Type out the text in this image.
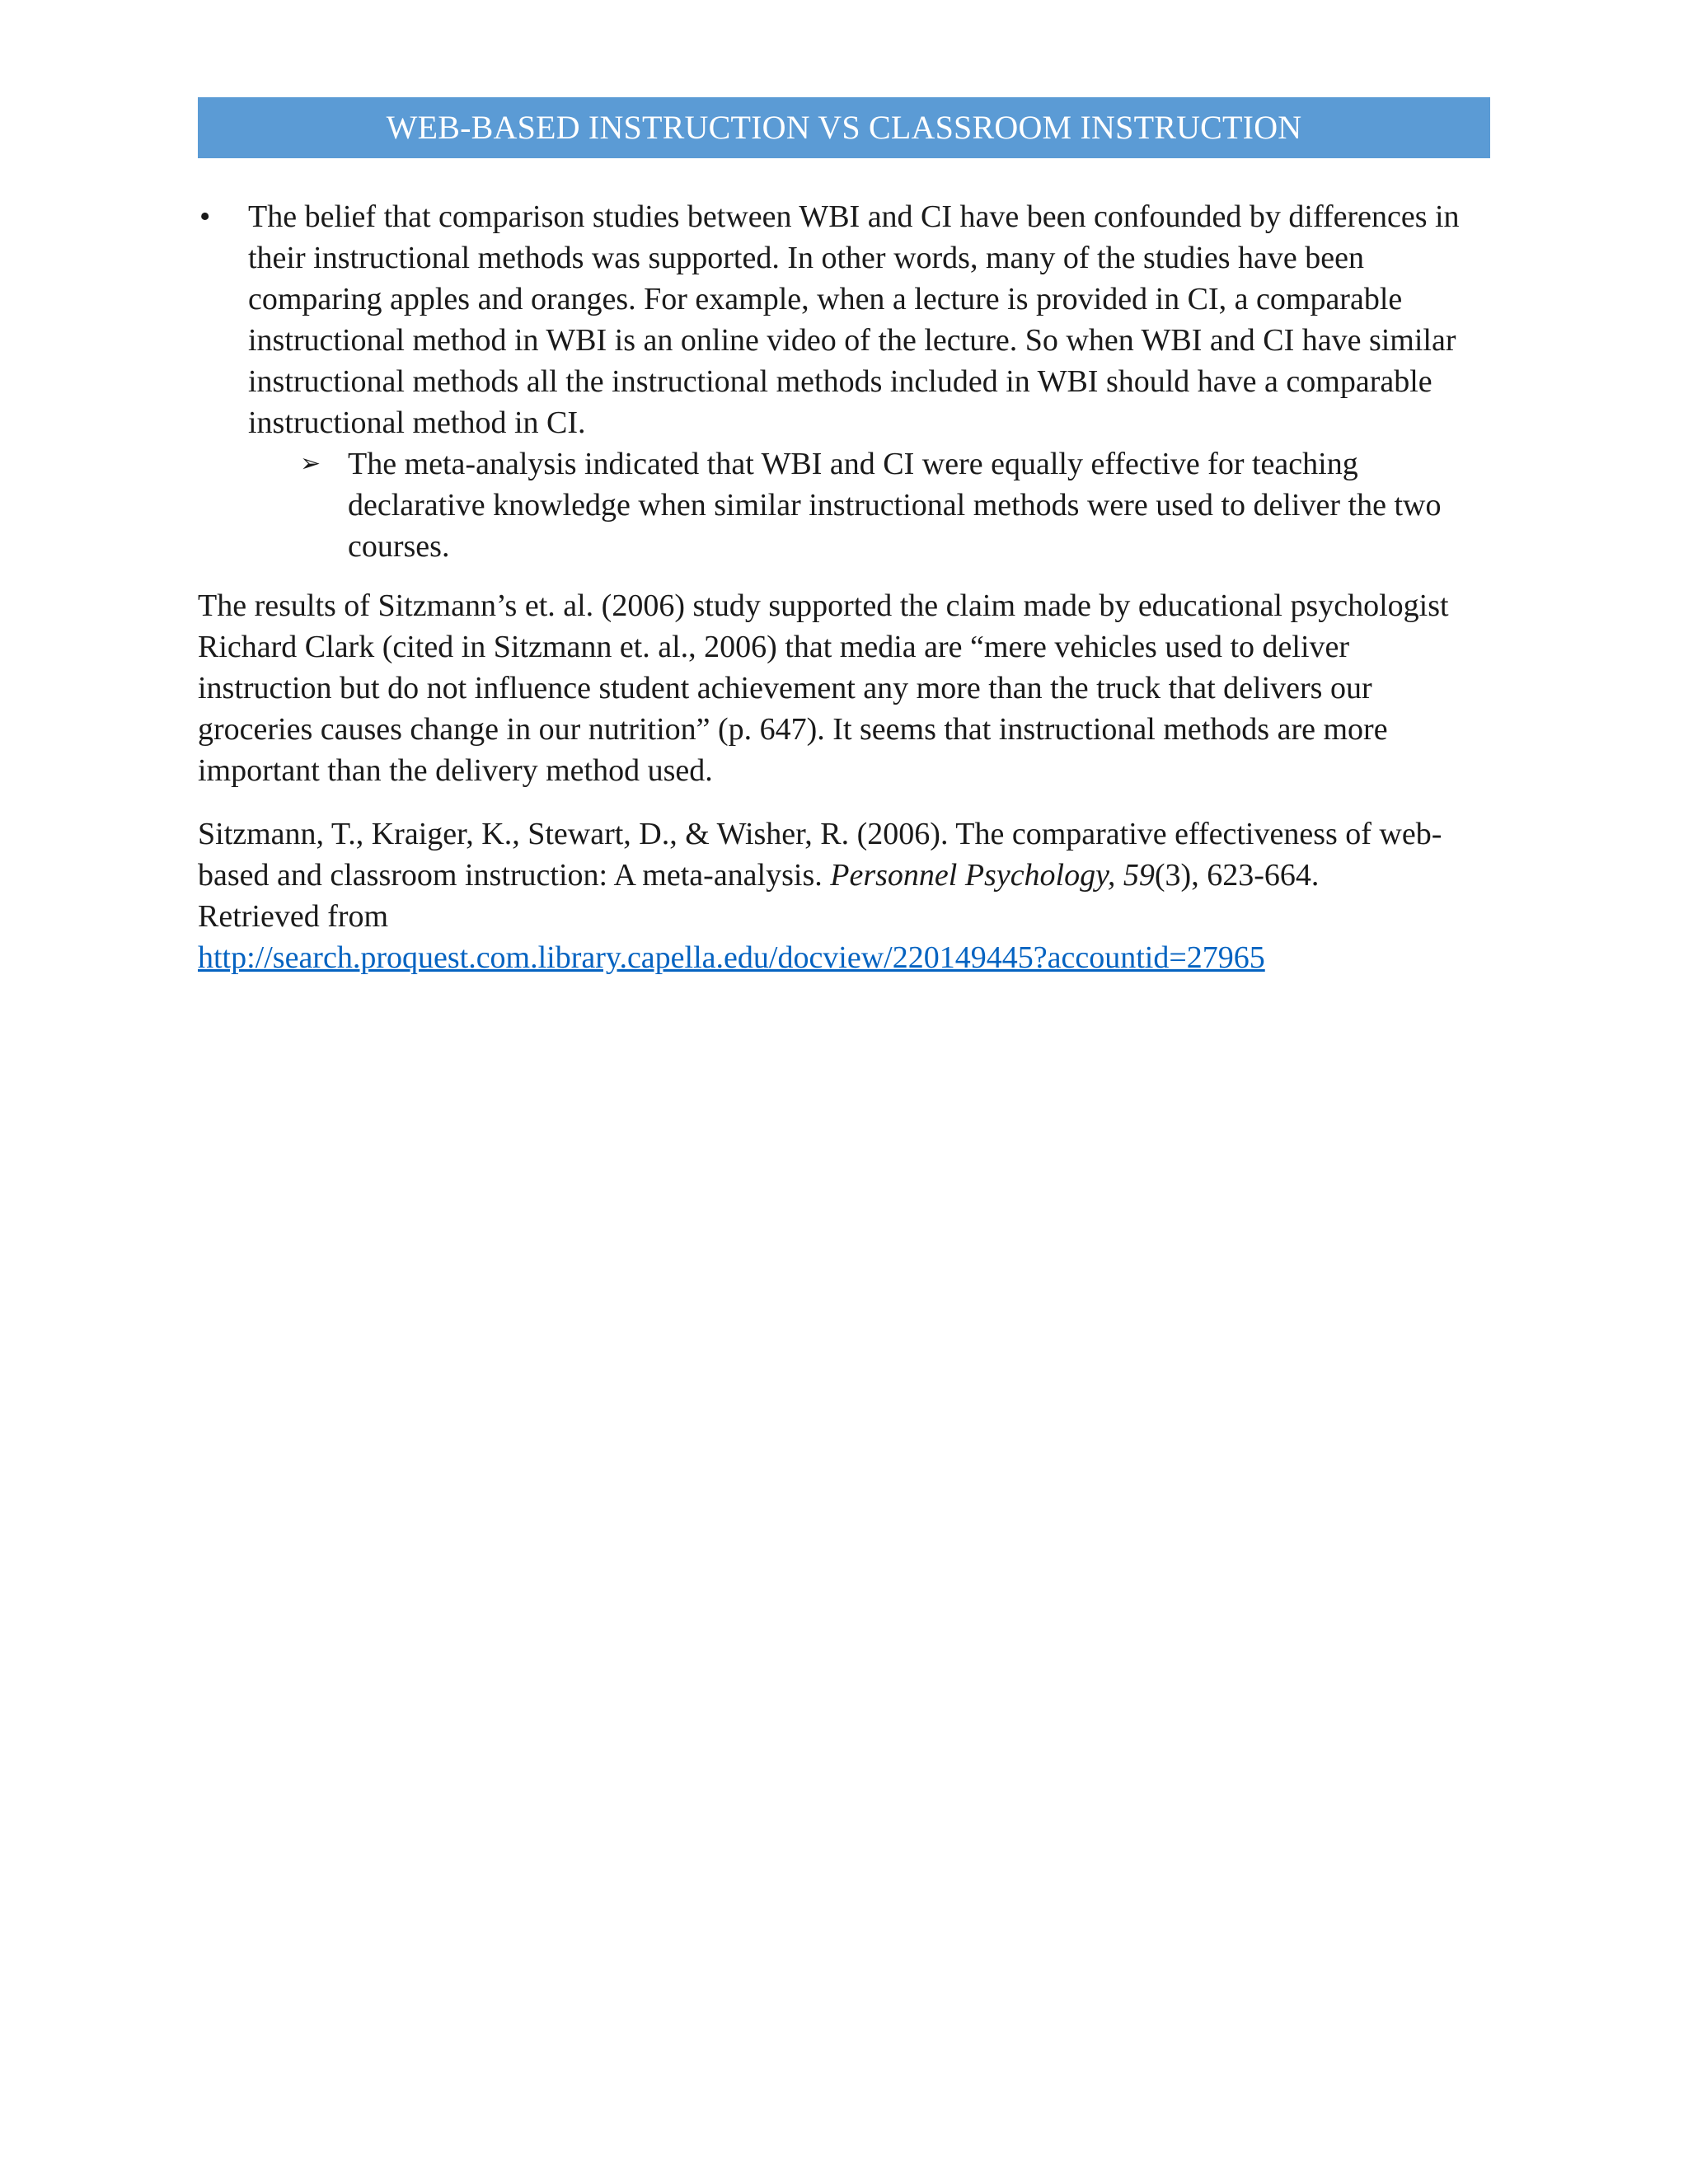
WEB-BASED INSTRUCTION VS CLASSROOM INSTRUCTION
• The belief that comparison studies between WBI and CI have been confounded by differences in their instructional methods was supported. In other words, many of the studies have been comparing apples and oranges. For example, when a lecture is provided in CI, a comparable instructional method in WBI is an online video of the lecture. So when WBI and CI have similar instructional methods all the instructional methods included in WBI should have a comparable instructional method in CI.
➢ The meta-analysis indicated that WBI and CI were equally effective for teaching declarative knowledge when similar instructional methods were used to deliver the two courses.

The results of Sitzmann’s et. al. (2006) study supported the claim made by educational psychologist Richard Clark (cited in Sitzmann et. al., 2006) that media are “mere vehicles used to deliver instruction but do not influence student achievement any more than the truck that delivers our groceries causes change in our nutrition” (p. 647). It seems that instructional methods are more important than the delivery method used.

Sitzmann, T., Kraiger, K., Stewart, D., & Wisher, R. (2006). The comparative effectiveness of web-based and classroom instruction: A meta-analysis. Personnel Psychology, 59(3), 623-664.
Retrieved from
http://search.proquest.com.library.capella.edu/docview/220149445?accountid=27965
